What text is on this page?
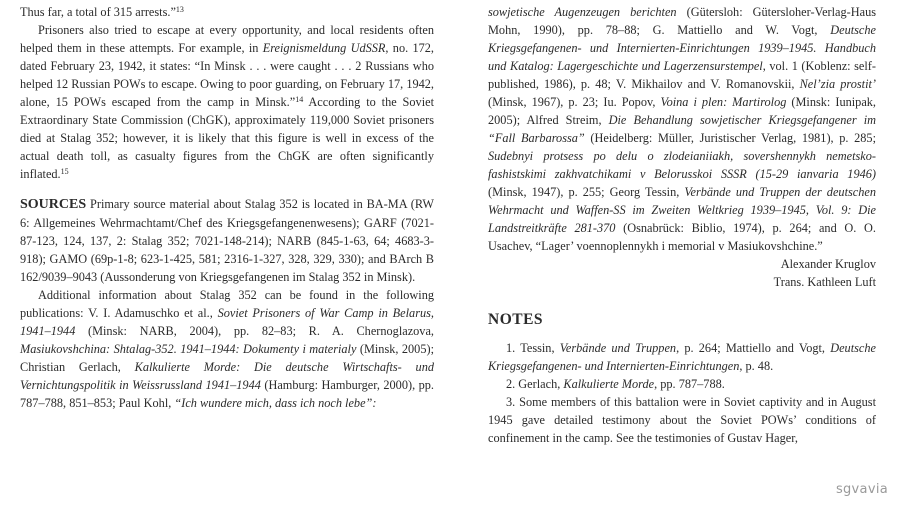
Thus far, a total of 315 arrests.”$^{13}$

Prisoners also tried to escape at every opportunity, and local residents often helped them in these attempts. For example, in Ereignismeldung UdSSR, no. 172, dated February 23, 1942, it states: “In Minsk . . . were caught . . . 2 Russians who helped 12 Russian POWs to escape. Owing to poor guarding, on February 17, 1942, alone, 15 POWs escaped from the camp in Minsk.”$^{14}$ According to the Soviet Extraordinary State Commission (ChGK), approximately 119,000 Soviet prisoners died at Stalag 352; however, it is likely that this figure is well in excess of the actual death toll, as casualty figures from the ChGK are often significantly inflated.$^{15}$

SOURCES Primary source material about Stalag 352 is located in BA-MA (RW 6: Allgemeines Wehrmachtamt/Chef des Kriegsgefangenenwesens); GARF (7021-87-123, 124, 137, 2: Stalag 352; 7021-148-214); NARB (845-1-63, 64; 4683-3-918); GAMO (69p-1-8; 623-1-425, 581; 2316-1-327, 328, 329, 330); and BArch B 162/9039–9043 (Aussonderung von Kriegsgefangenen im Stalag 352 in Minsk).

Additional information about Stalag 352 can be found in the following publications: V. I. Adamuschko et al., Soviet Prisoners of War Camp in Belarus, 1941–1944 (Minsk: NARB, 2004), pp. 82–83; R. A. Chernoglazova, Masiukovshchina: Shtalag-352. 1941–1944: Dokumenty i materialy (Minsk, 2005); Christian Gerlach, Kalkulierte Morde: Die deutsche Wirtschafts- und Vernichtungspolitik in Weissrussland 1941–1944 (Hamburg: Hamburger, 2000), pp. 787–788, 851–853; Paul Kohl, “Ich wundere mich, dass ich noch lebe”:

sowjetische Augenzeugen berichten (Gütersloh: Gütersloher-Verlag-Haus Mohn, 1990), pp. 78–88; G. Mattiello and W. Vogt, Deutsche Kriegsgefangenen- und Internierten-Einrichtungen 1939–1945. Handbuch und Katalog: Lagergeschichte und Lagerzensurstempel, vol. 1 (Koblenz: self-published, 1986), p. 48; V. Mikhailov and V. Romanovskii, Nel’zia prostit’ (Minsk, 1967), p. 23; Iu. Popov, Voina i plen: Martirolog (Minsk: Iunipak, 2005); Alfred Streim, Die Behandlung sowjetischer Kriegsgefangener im “Fall Barbarossa” (Heidelberg: Müller, Juristischer Verlag, 1981), p. 285; Sudebnyi protsess po delu o zlodeianiiakh, sovershennykh nemetsko-fashistskimi zakhvatchikami v Belorusskoi SSSR (15-29 ianvaria 1946) (Minsk, 1947), p. 255; Georg Tessin, Verbände und Truppen der deutschen Wehrmacht und Waffen-SS im Zweiten Weltkrieg 1939–1945, Vol. 9: Die Landstreitkräfte 281-370 (Osnabrück: Biblio, 1974), p. 264; and O. O. Usachev, “Lager’ voennoplennykh i memorial v Masiukovshchine.”

Alexander Kruglov

Trans. Kathleen Luft

NOTES

1. Tessin, Verbände und Truppen, p. 264; Mattiello and Vogt, Deutsche Kriegsgefangenen- und Internierten-Einrichtungen, p. 48.

2. Gerlach, Kalkulierte Morde, pp. 787–788.

3. Some members of this battalion were in Soviet captivity and in August 1945 gave detailed testimony about the Soviet POWs’ conditions of confinement in the camp. See the testimonies of Gustav Hager,

sgvavia
